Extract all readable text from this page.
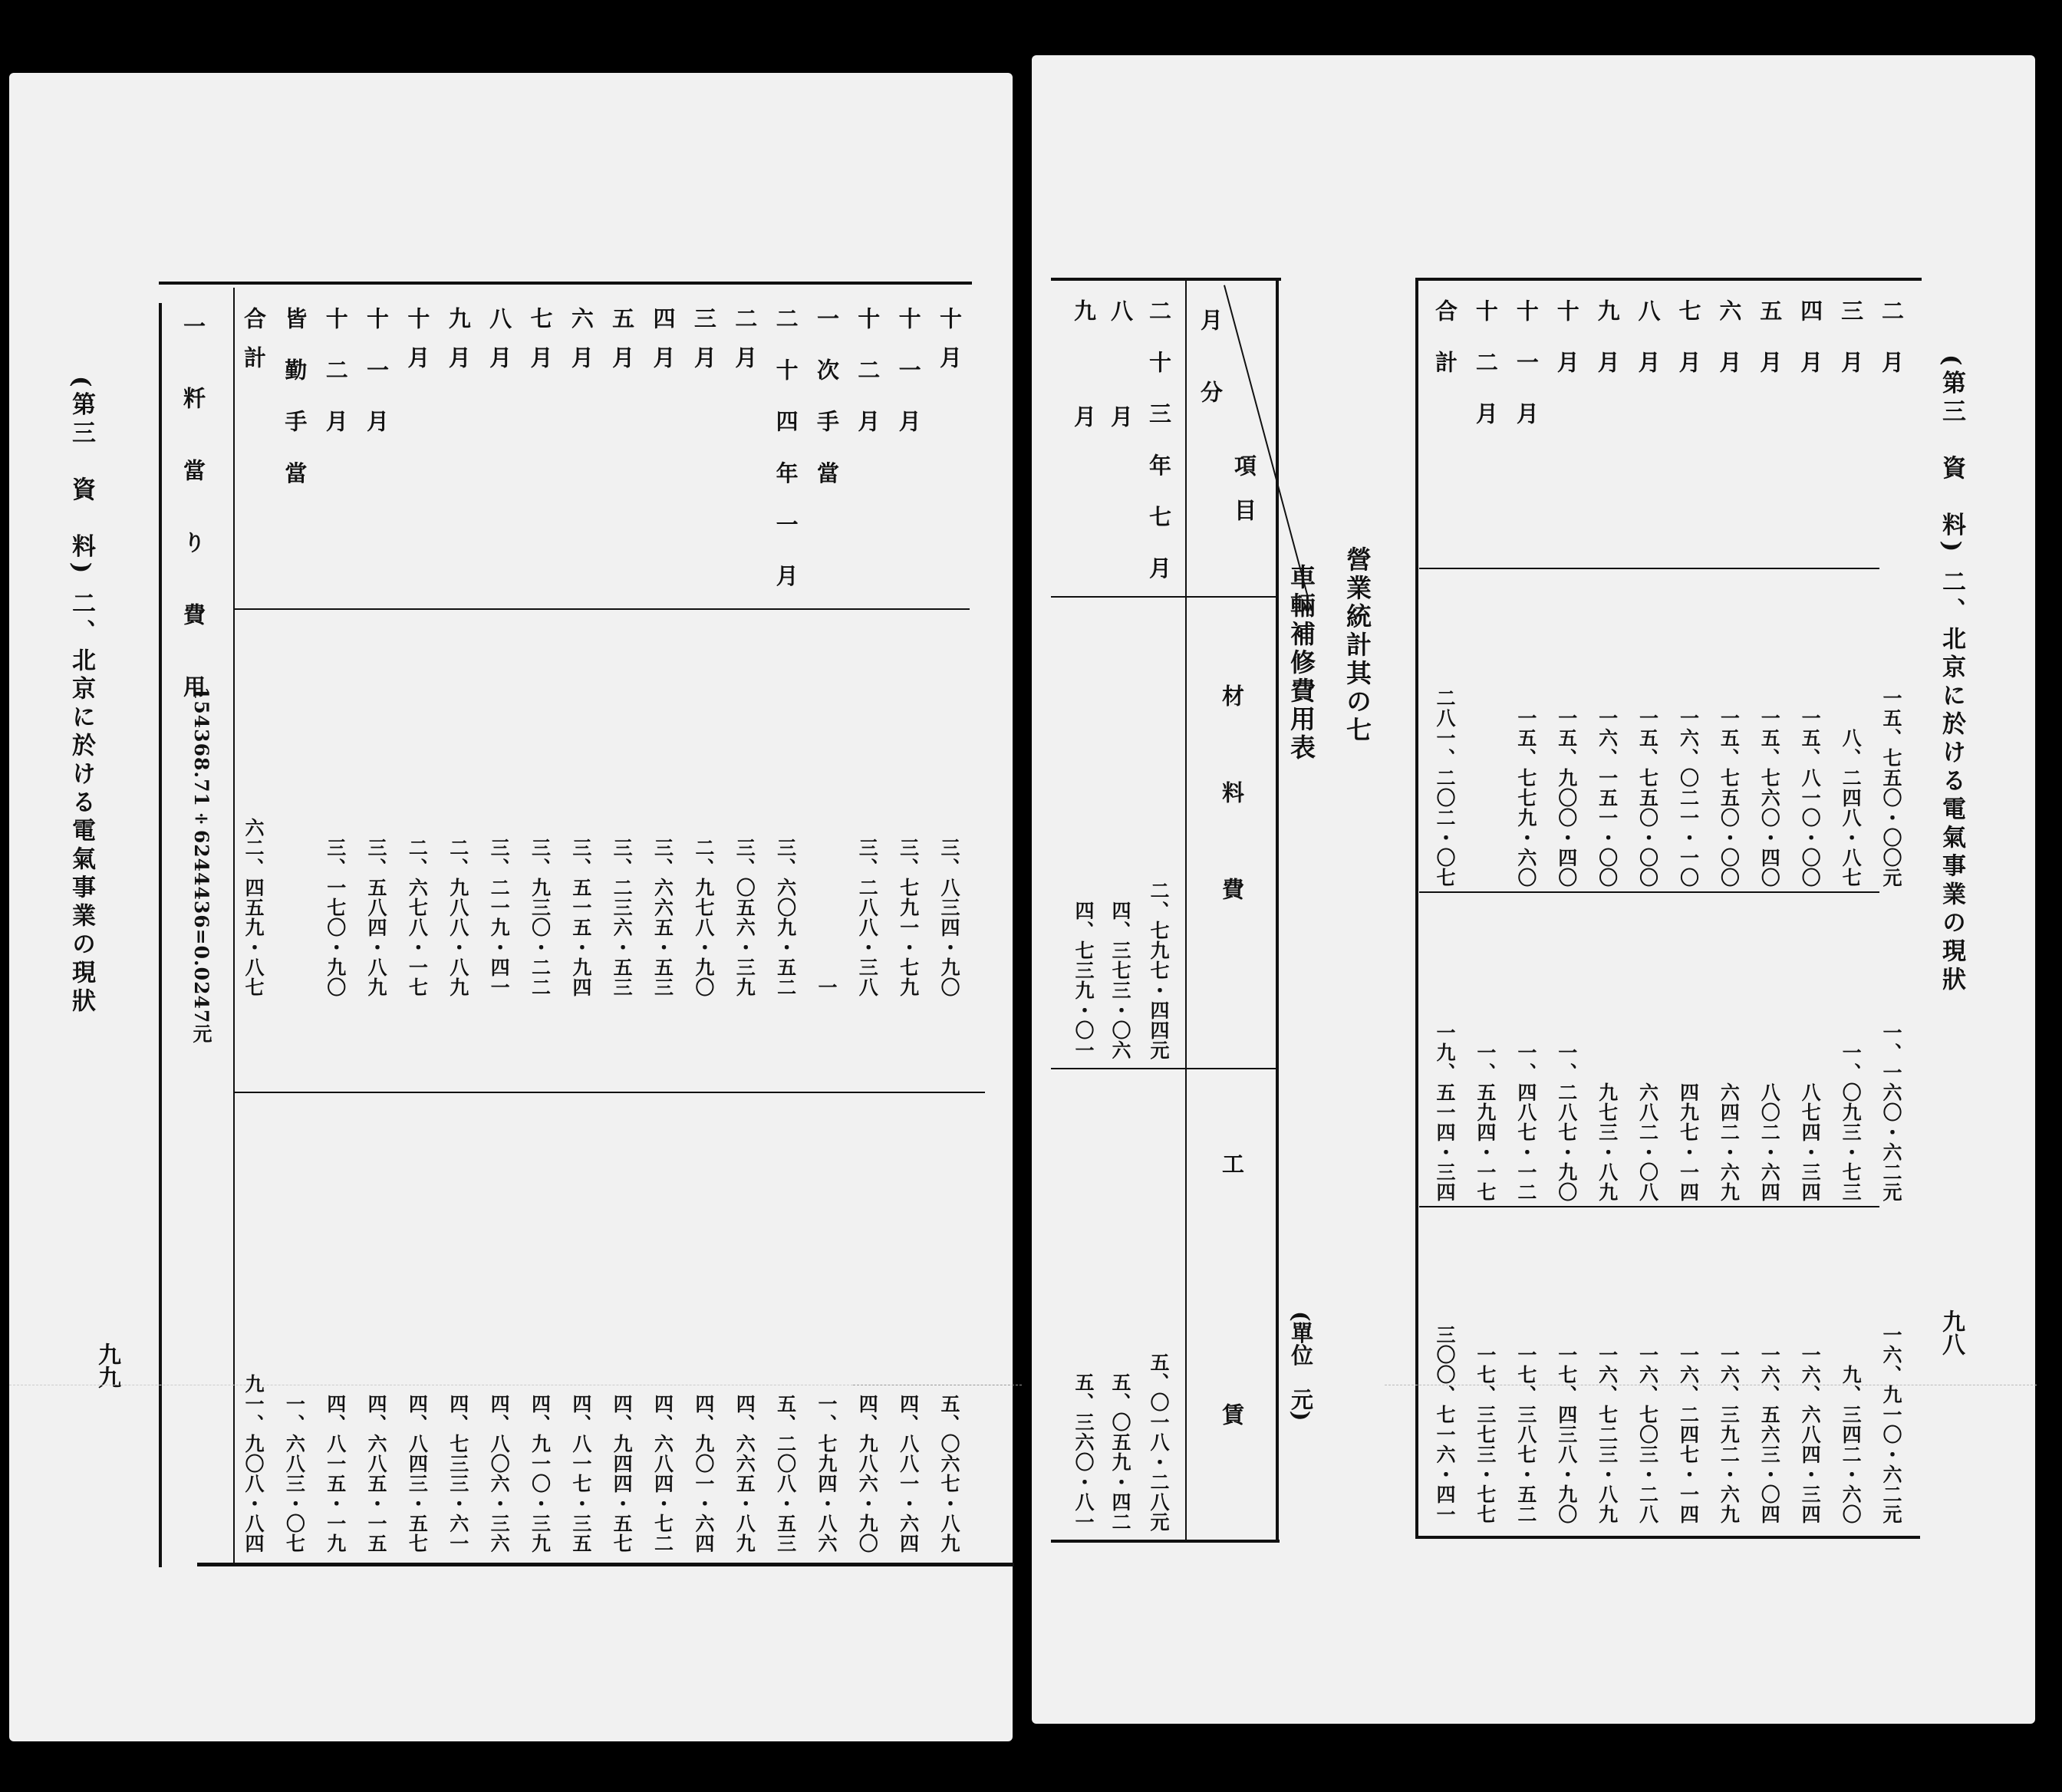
(第三　資　料) 二、北京に於ける電氣事業の現狀
九九
一　粁　當　り　費　用
154368.71÷6244436=0.0247元
十 月
三、八三四・九〇
五、〇六七・八九
十 一 月
三、七九一・七九
四、八八一・六四
十 二 月
三、二八八・三八
四、九八六・九〇
一 次 手 當
一
一、七九四・八六
二 十 四 年 一 月
三、六〇九・五二
五、二〇八・五三
二 月
三、〇五六・三九
四、六六五・八九
三 月
二、九七八・九〇
四、九〇一・六四
四 月
三、六六五・五三
四、六八四・七二
五 月
三、二三六・五三
四、九四四・五七
六 月
三、五一五・九四
四、八一七・三五
七 月
三、九三〇・二二
四、九一〇・三九
八 月
三、二一九・四一
四、八〇六・三六
九 月
二、九八八・八九
四、七三三・六一
十 月
二、六七八・一七
四、八四三・五七
十 一 月
三、五八四・八九
四、六八五・一五
十 二 月
三、一七〇・九〇
四、八一五・一九
皆 勤 手 當
一、六八三・〇七
合 計
六二、四五九・八七
九一、九〇八・八四
(第三　資　料) 二、北京に於ける電氣事業の現狀
九八
二 月
一五、七五〇・〇〇元
一、一六〇・六二元
一六、九一〇・六二元
三 月
八、二四八・八七
一、〇九三・七三
九、三四二・六〇
四 月
一五、八一〇・〇〇
八七四・三四
一六、六八四・三四
五 月
一五、七六〇・四〇
八〇二・六四
一六、五六三・〇四
六 月
一五、七五〇・〇〇
六四二・六九
一六、三九二・六九
七 月
一六、〇二一・一〇
四九七・一四
一六、二四七・一四
八 月
一五、七五〇・〇〇
六八二・〇八
一六、七〇三・二八
九 月
一六、一五一・〇〇
九七三・八九
一六、七二三・八九
十 月
一五、九〇〇・四〇
一、二八七・九〇
一七、四三八・九〇
十 一 月
一五、七七九・六〇
一、四八七・一二
一七、三八七・五二
十 二 月
一、五九四・一七
一七、三七三・七七
合 計
二八一、二〇二・〇七
一九、五一四・三四
三〇〇、七一六・四一
營業統計其の七
車輛補修費用表
(單位　元)
項　目
月　分
材　料　費
工　　賃
二 十 三 年 七 月
二、七九七・四四元
五、〇一八・二八元
八　月
四、三七三・〇六
五、〇五九・四二
九　月
四、七三九・〇一
五、三六〇・八一
